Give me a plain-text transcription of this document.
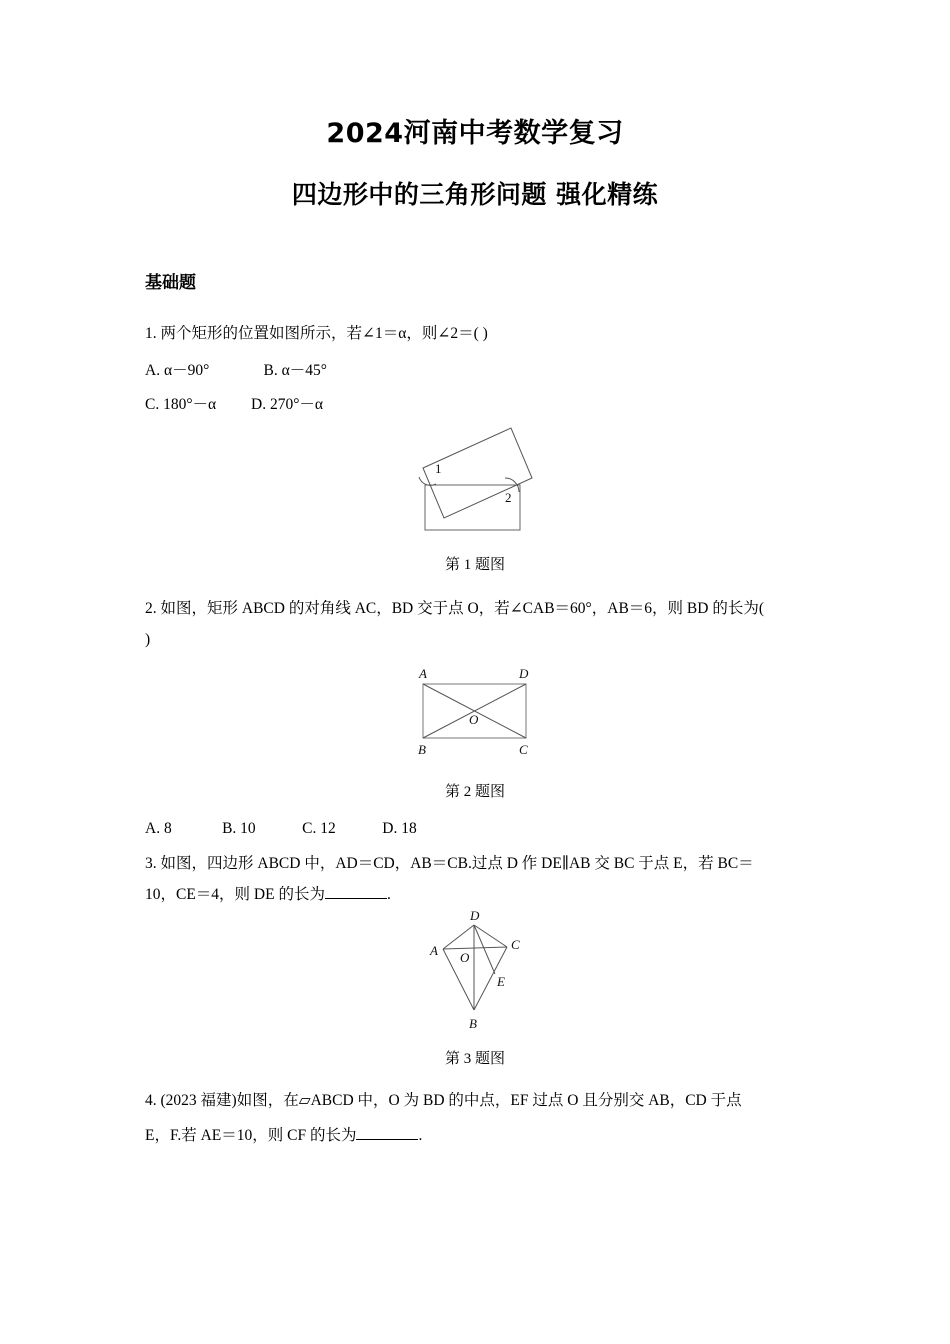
2024河南中考数学复习
四边形中的三角形问题 强化精练
基础题
1. 两个矩形的位置如图所示，若∠1＝α，则∠2＝( )
A. α－90°              B. α－45°
C. 180°－α         D. 270°－α
1
2
第 1 题图
2. 如图，矩形 ABCD 的对角线 AC，BD 交于点 O，若∠CAB＝60°，AB＝6，则 BD 的长为(
)
A	D
B	C
O
第 2 题图
A. 8             B. 10            C. 12            D. 18
3. 如图，四边形 ABCD 中，AD＝CD，AB＝CB.过点 D 作 DE∥AB 交 BC 于点 E，若 BC＝
10，CE＝4，则 DE 的长为	.
D
A	C
E
B
O
第 3 题图
4. (2023 福建)如图，在▱ABCD 中，O 为 BD 的中点，EF 过点 O 且分别交 AB，CD 于点
E，F.若 AE＝10，则 CF 的长为	.
